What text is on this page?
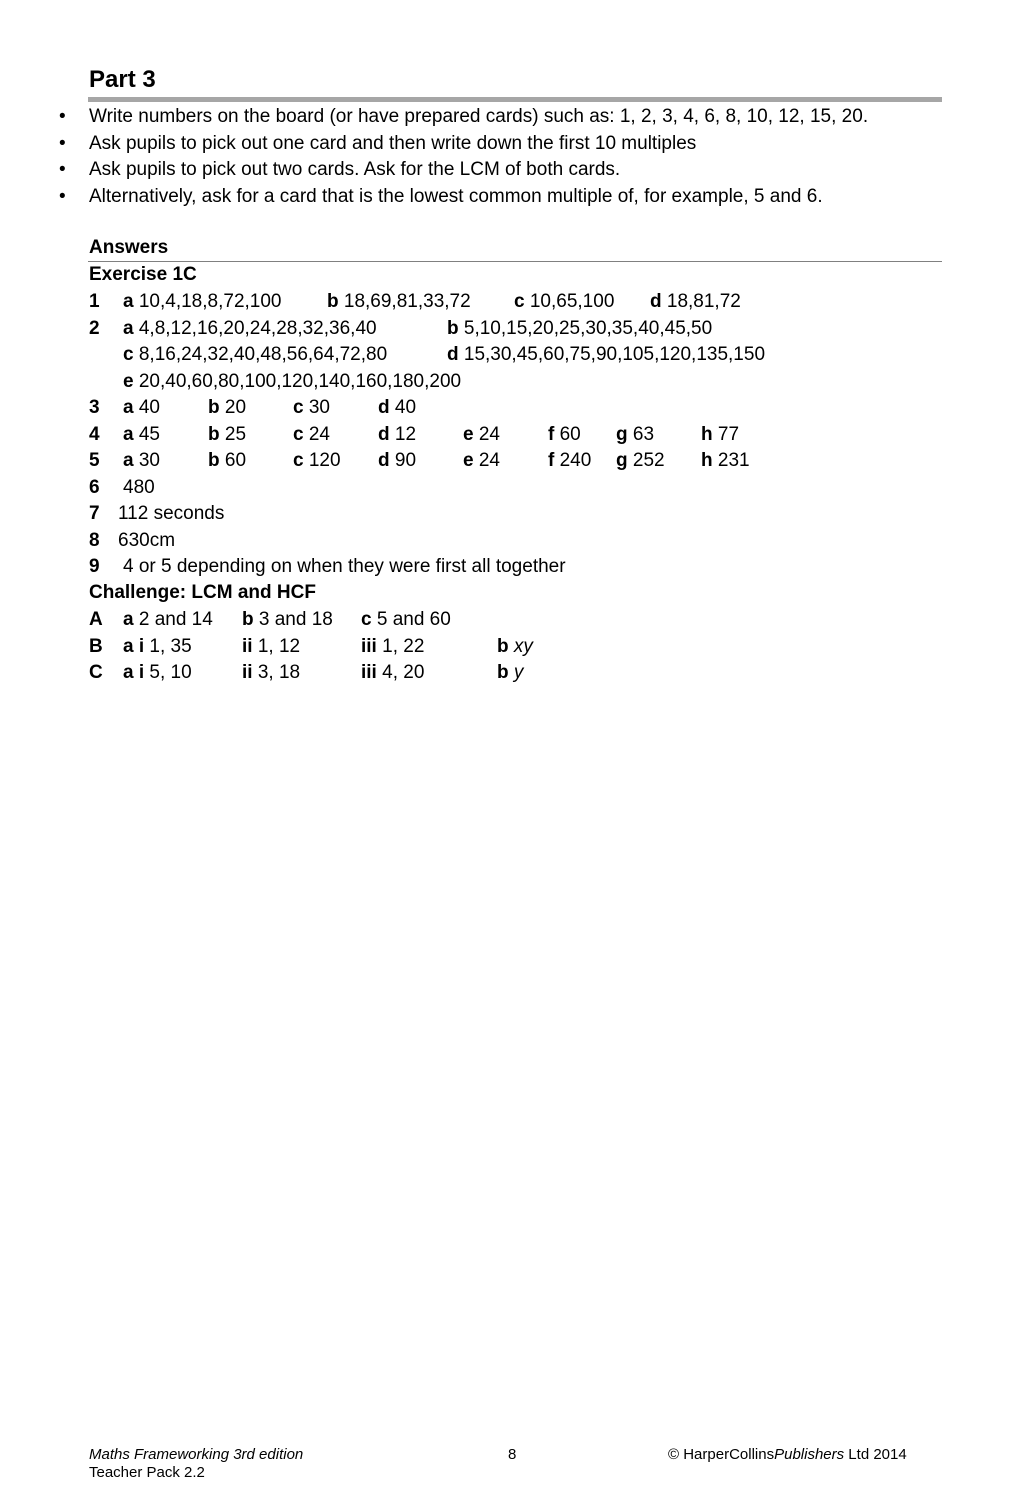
Part 3
• Write numbers on the board (or have prepared cards) such as: 1, 2, 3, 4, 6, 8, 10, 12, 15, 20.
• Ask pupils to pick out one card and then write down the first 10 multiples
• Ask pupils to pick out two cards. Ask for the LCM of both cards.
• Alternatively, ask for a card that is the lowest common multiple of, for example, 5 and 6.
Answers
Exercise 1C
1 a 10,4,18,8,72,100 b 18,69,81,33,72 c 10,65,100 d 18,81,72
2 a 4,8,12,16,20,24,28,32,36,40	b 5,10,15,20,25,30,35,40,45,50
c 8,16,24,32,40,48,56,64,72,80	d 15,30,45,60,75,90,105,120,135,150
e 20,40,60,80,100,120,140,160,180,200
3 a 40	b 20 c 30	d 40
4 a 45	b 25 c 24	d 12 e 24	f 60 g 63 h 77
5 a 30	b 60 c 120 d 90 e 24	f 240 g 252 h 231
6 480
7 112 seconds
8 630cm
9 4 or 5 depending on when they were first all together
Challenge: LCM and HCF
A a 2 and 14 b 3 and 18 c 5 and 60
B a i 1, 35	ii 1, 12	iii 1, 22	b xy
C a i 5, 10	ii 3, 18	iii 4, 20	b y
Maths Frameworking 3rd edition
Teacher Pack 2.2
8	© HarperCollinsPublishers Ltd 2014
